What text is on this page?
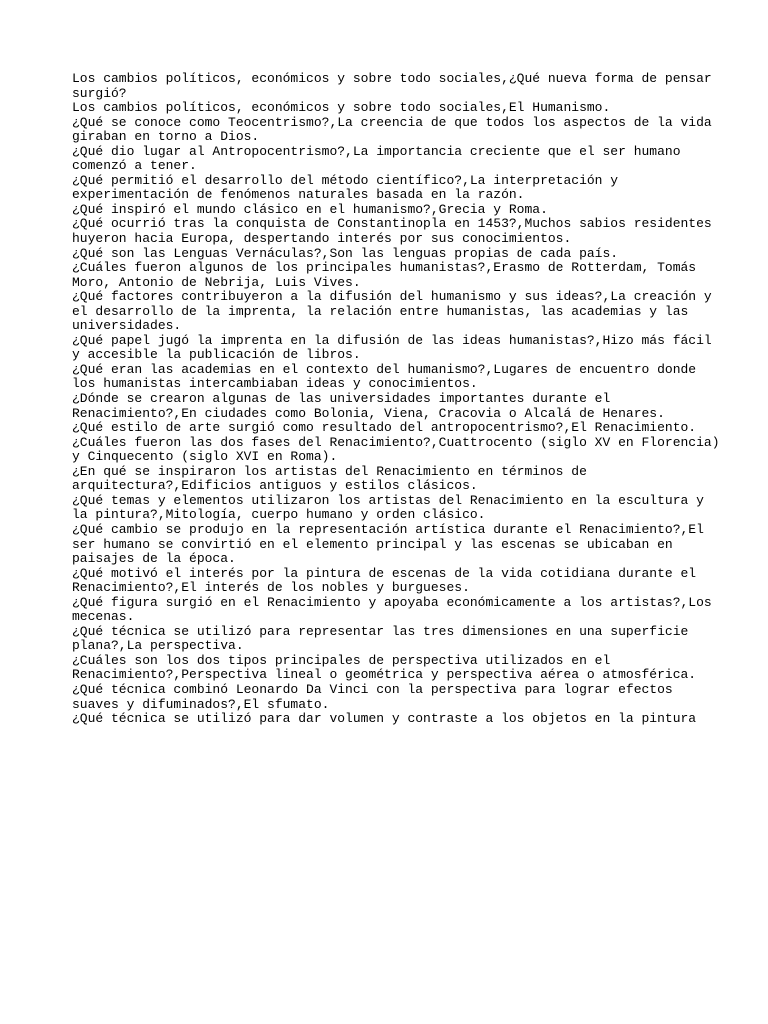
Los cambios políticos, económicos y sobre todo sociales,¿Qué nueva forma de pensar
surgió?
Los cambios políticos, económicos y sobre todo sociales,El Humanismo.
¿Qué se conoce como Teocentrismo?,La creencia de que todos los aspectos de la vida
giraban en torno a Dios.
¿Qué dio lugar al Antropocentrismo?,La importancia creciente que el ser humano
comenzó a tener.
¿Qué permitió el desarrollo del método científico?,La interpretación y
experimentación de fenómenos naturales basada en la razón.
¿Qué inspiró el mundo clásico en el humanismo?,Grecia y Roma.
¿Qué ocurrió tras la conquista de Constantinopla en 1453?,Muchos sabios residentes
huyeron hacia Europa, despertando interés por sus conocimientos.
¿Qué son las Lenguas Vernáculas?,Son las lenguas propias de cada país.
¿Cuáles fueron algunos de los principales humanistas?,Erasmo de Rotterdam, Tomás
Moro, Antonio de Nebrija, Luis Vives.
¿Qué factores contribuyeron a la difusión del humanismo y sus ideas?,La creación y
el desarrollo de la imprenta, la relación entre humanistas, las academias y las
universidades.
¿Qué papel jugó la imprenta en la difusión de las ideas humanistas?,Hizo más fácil
y accesible la publicación de libros.
¿Qué eran las academias en el contexto del humanismo?,Lugares de encuentro donde
los humanistas intercambiaban ideas y conocimientos.
¿Dónde se crearon algunas de las universidades importantes durante el
Renacimiento?,En ciudades como Bolonia, Viena, Cracovia o Alcalá de Henares.
¿Qué estilo de arte surgió como resultado del antropocentrismo?,El Renacimiento.
¿Cuáles fueron las dos fases del Renacimiento?,Cuattrocento (siglo XV en Florencia)
y Cinquecento (siglo XVI en Roma).
¿En qué se inspiraron los artistas del Renacimiento en términos de
arquitectura?,Edificios antiguos y estilos clásicos.
¿Qué temas y elementos utilizaron los artistas del Renacimiento en la escultura y
la pintura?,Mitología, cuerpo humano y orden clásico.
¿Qué cambio se produjo en la representación artística durante el Renacimiento?,El
ser humano se convirtió en el elemento principal y las escenas se ubicaban en
paisajes de la época.
¿Qué motivó el interés por la pintura de escenas de la vida cotidiana durante el
Renacimiento?,El interés de los nobles y burgueses.
¿Qué figura surgió en el Renacimiento y apoyaba económicamente a los artistas?,Los
mecenas.
¿Qué técnica se utilizó para representar las tres dimensiones en una superficie
plana?,La perspectiva.
¿Cuáles son los dos tipos principales de perspectiva utilizados en el
Renacimiento?,Perspectiva lineal o geométrica y perspectiva aérea o atmosférica.
¿Qué técnica combinó Leonardo Da Vinci con la perspectiva para lograr efectos
suaves y difuminados?,El sfumato.
¿Qué técnica se utilizó para dar volumen y contraste a los objetos en la pintura
